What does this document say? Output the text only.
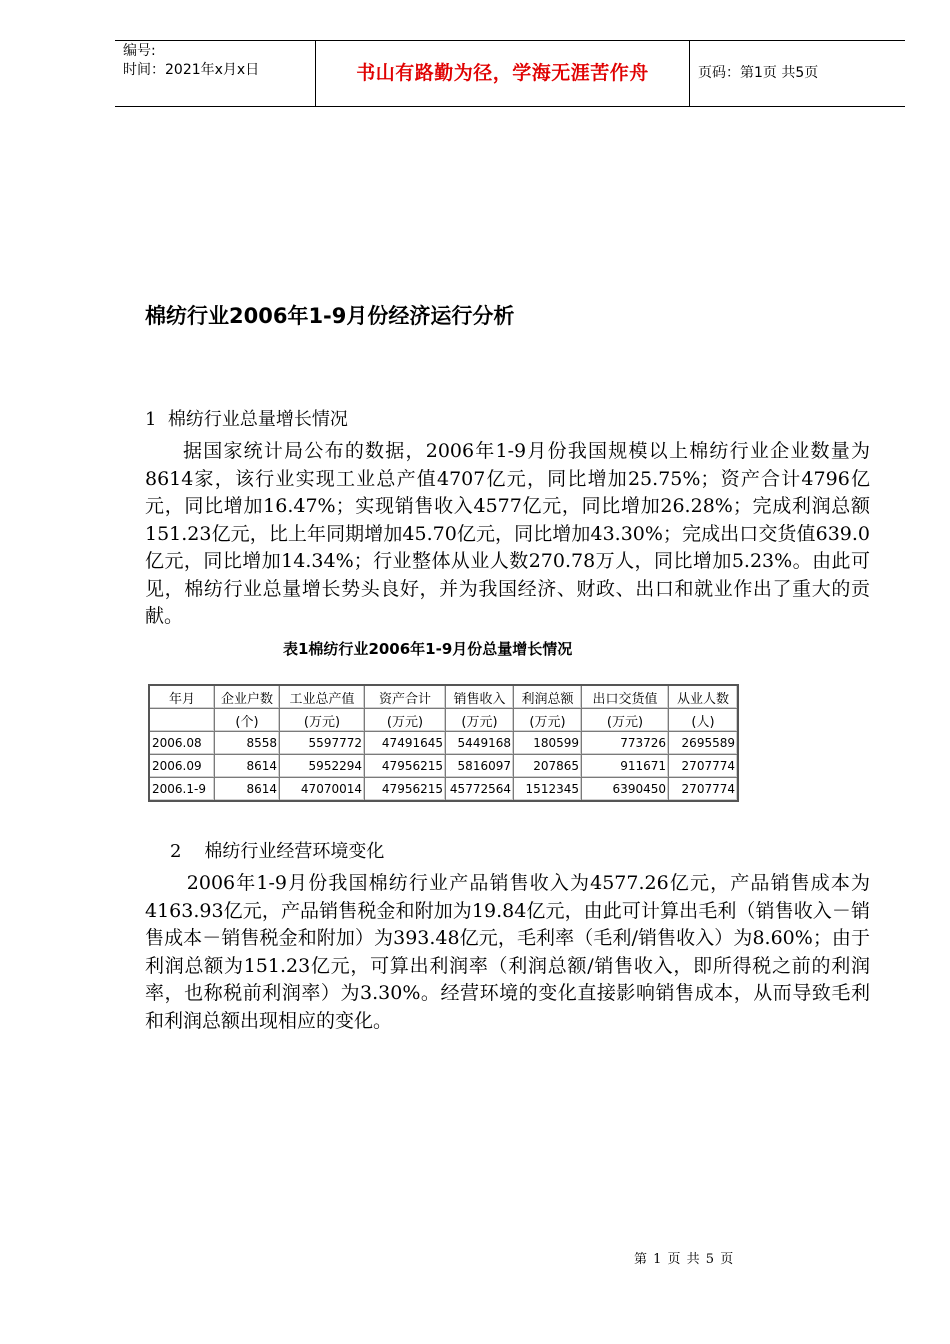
编号:
时间：2021年x月x日	书山有路勤为径，学海无涯苦作舟	页码：第1页 共5页
棉纺行业2006年1-9月份经济运行分析
1  棉纺行业总量增长情况

据国家统计局公布的数据，2006年1-9月份我国规模以上棉纺行业企业数量为8614家，该行业实现工业总产值4707亿元，同比增加25.75%；资产合计4796亿元，同比增加16.47%；实现销售收入4577亿元，同比增加26.28%；完成利润总额151.23亿元，比上年同期增加45.70亿元，同比增加43.30%；完成出口交货值639.0亿元，同比增加14.34%；行业整体从业人数270.78万人，同比增加5.23%。由此可见，棉纺行业总量增长势头良好，并为我国经济、财政、出口和就业作出了重大的贡献。

表1棉纺行业2006年1-9月份总量增长情况
年月	企业户数	工业总产值	资产合计	销售收入	利润总额	出口交货值	从业人数
	(个)	(万元)	(万元)	(万元)	(万元)	(万元)	(人)
2006.08	8558	5597772	47491645	5449168	180599	773726	2695589
2006.09	8614	5952294	47956215	5816097	207865	911671	2707774
2006.1-9	8614	47070014	47956215	45772564	1512345	6390450	2707774
2    棉纺行业经营环境变化

2006年1-9月份我国棉纺行业产品销售收入为4577.26亿元，产品销售成本为4163.93亿元，产品销售税金和附加为19.84亿元，由此可计算出毛利（销售收入－销售成本－销售税金和附加）为393.48亿元，毛利率（毛利/销售收入）为8.60%；由于利润总额为151.23亿元，可算出利润率（利润总额/销售收入，即所得税之前的利润率，也称税前利润率）为3.30%。经营环境的变化直接影响销售成本，从而导致毛利和利润总额出现相应的变化。

第 1 页 共 5 页
